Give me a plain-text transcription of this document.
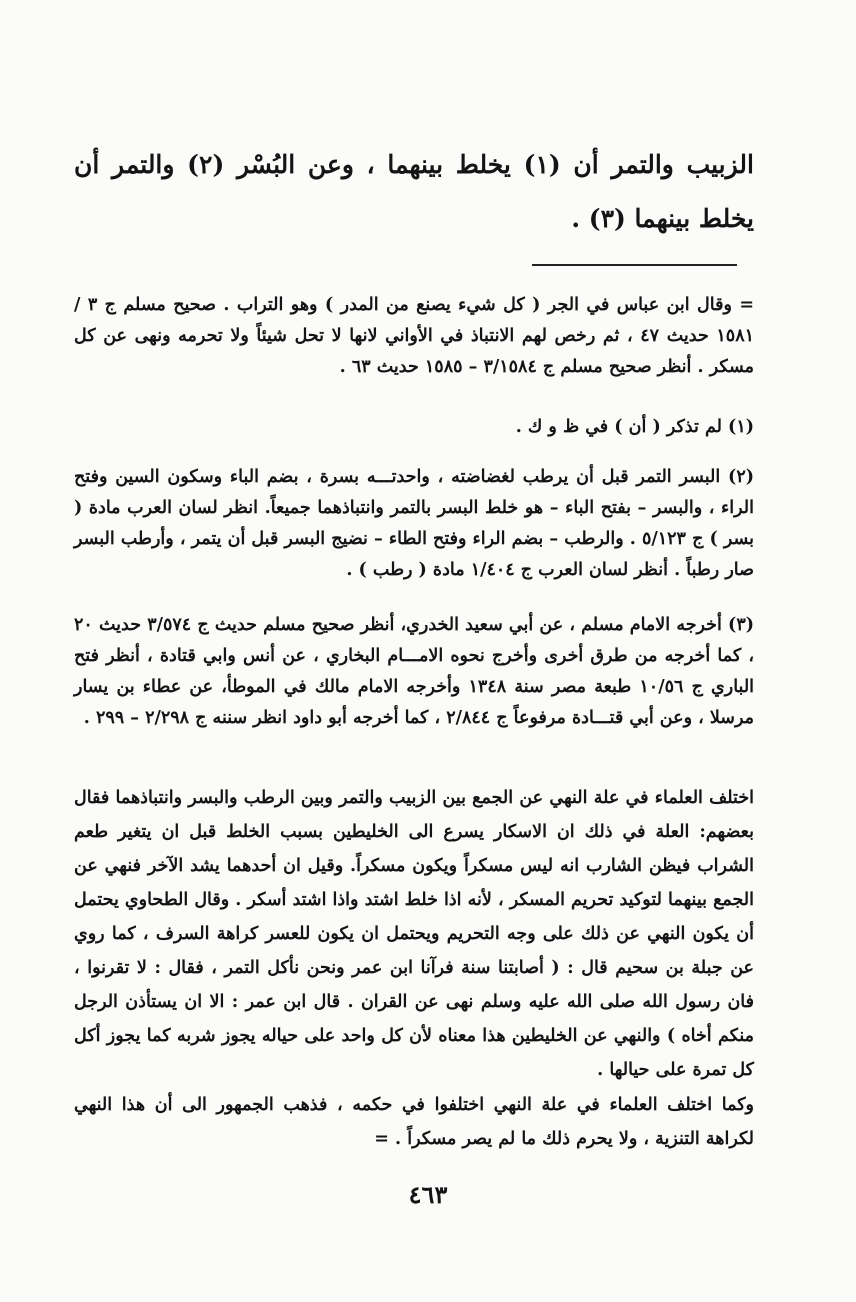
الزبيب والتمر أن (١) يخلط بينهما ، وعن البُسْر (٢) والتمر أن يخلط بينهما (٣) .

= وقال ابن عباس في الجر ( كل شيء يصنع من المدر ) وهو التراب . صحيح مسلم ج ٣ / ١٥٨١ حديث ٤٧ ، ثم رخص لهم الانتباذ في الأواني لانها لا تحل شيئاً ولا تحرمه ونهى عن كل مسكر . أنظر صحيح مسلم ج ٣/١٥٨٤ – ١٥٨٥ حديث ٦٣ .

(١) لم تذكر ( أن ) في ظ و ك .

(٢) البسر التمر قبل أن يرطب لغضاضته ، واحدتـــه بسرة ، بضم الباء وسكون السين وفتح الراء ، والبسر – بفتح الباء – هو خلط البسر بالتمر وانتباذهما جميعاً. انظر لسان العرب مادة ( بسر ) ج ٥/١٢٣ . والرطب – بضم الراء وفتح الطاء – نضيج البسر قبل أن يتمر ، وأرطب البسر صار رطباً . أنظر لسان العرب ج ١/٤٠٤ مادة ( رطب ) .

(٣) أخرجه الامام مسلم ، عن أبي سعيد الخدري، أنظر صحيح مسلم حديث ج ٣/٥٧٤ حديث ٢٠ ، كما أخرجه من طرق أخرى وأخرج نحوه الامـــام البخاري ، عن أنس وابي قتادة ، أنظر فتح الباري ج ١٠/٥٦ طبعة مصر سنة ١٣٤٨ وأخرجه الامام مالك في الموطأ، عن عطاء بن يسار مرسلا ، وعن أبي قتـــادة مرفوعاً ج ٢/٨٤٤ ، كما أخرجه أبو داود انظر سننه ج ٢/٢٩٨ – ٢٩٩ .

اختلف العلماء في علة النهي عن الجمع بين الزبيب والتمر وبين الرطب والبسر وانتباذهما فقال بعضهم: العلة في ذلك ان الاسكار يسرع الى الخليطين بسبب الخلط قبل ان يتغير طعم الشراب فيظن الشارب انه ليس مسكراً ويكون مسكراً. وقيل ان أحدهما يشد الآخر فنهي عن الجمع بينهما لتوكيد تحريم المسكر ، لأنه اذا خلط اشتد واذا اشتد أسكر . وقال الطحاوي يحتمل أن يكون النهي عن ذلك على وجه التحريم ويحتمل ان يكون للعسر كراهة السرف ، كما روي عن جبلة بن سحيم قال : ( أصابتنا سنة فرآنا ابن عمر ونحن نأكل التمر ، فقال : لا تقرنوا ، فان رسول الله صلى الله عليه وسلم نهى عن القران . قال ابن عمر : الا ان يستأذن الرجل منكم أخاه ) والنهي عن الخليطين هذا معناه لأن كل واحد على حياله يجوز شربه كما يجوز أكل كل تمرة على حيالها .

وكما اختلف العلماء في علة النهي اختلفوا في حكمه ، فذهب الجمهور الى أن هذا النهي لكراهة التنزية ، ولا يحرم ذلك ما لم يصر مسكراً . =

٤٦٣
